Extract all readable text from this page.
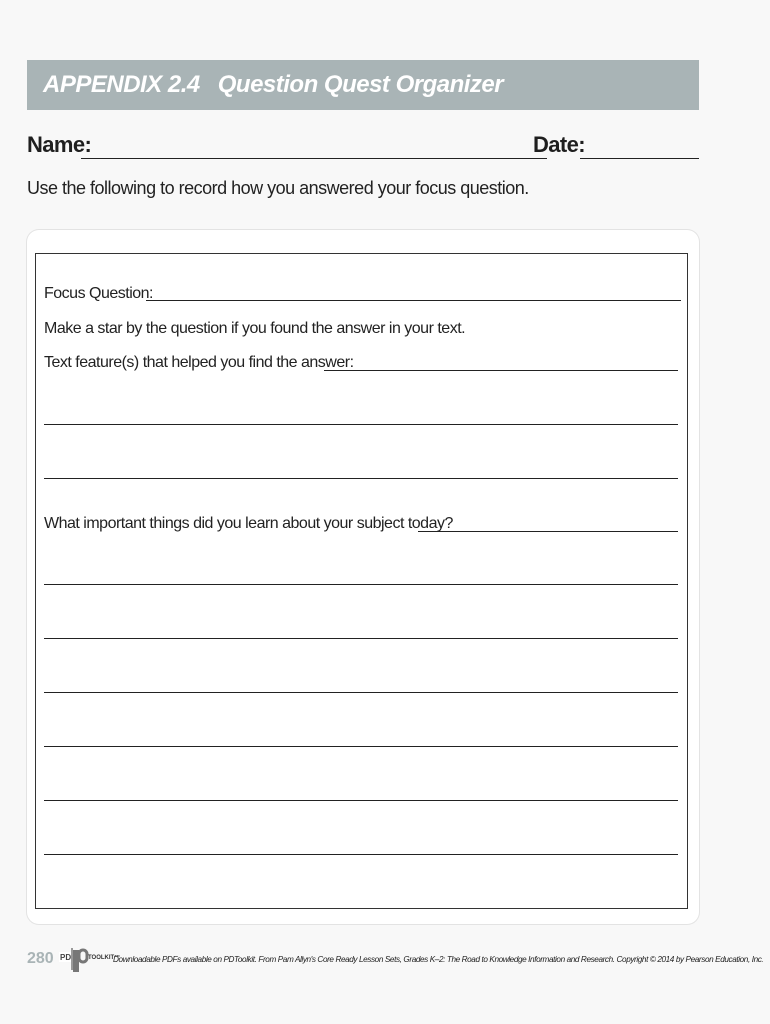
APPENDIX 2.4 Question Quest Organizer
Name:	Date:
Use the following to record how you answered your focus question.
Focus Question:
Make a star by the question if you found the answer in your text.
Text feature(s) that helped you find the answer:
What important things did you learn about your subject today?
280 PD	TOOLKIT™
Downloadable PDFs available on PDToolkit. From Pam Allyn's Core Ready Lesson Sets, Grades K–2: The Road to Knowledge Information and Research. Copyright © 2014 by Pearson Education, Inc.
